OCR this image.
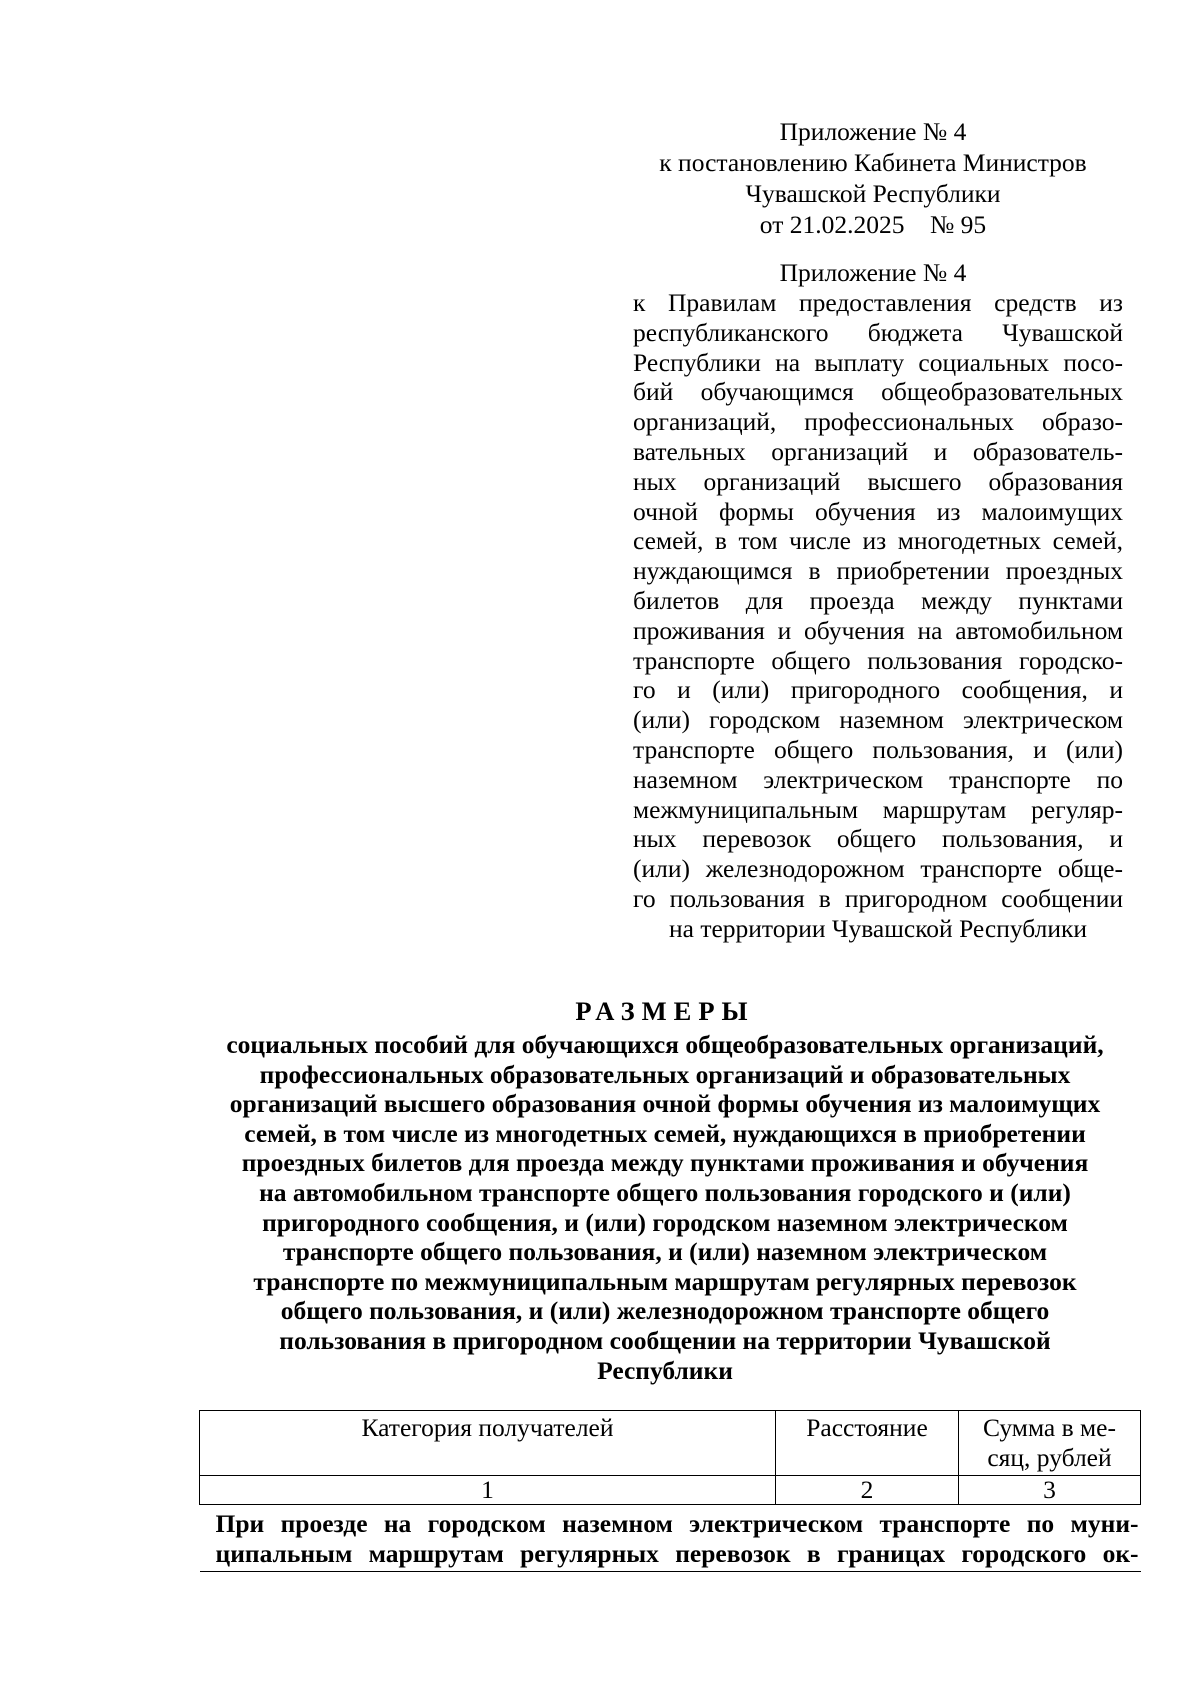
Приложение № 4
к постановлению Кабинета Министров
Чувашской Республики
от 21.02.2025    № 95
Приложение № 4
к Правилам предоставления средств из
республиканского бюджета Чувашской
Республики на выплату социальных посо-
бий обучающимся общеобразовательных
организаций, профессиональных образо-
вательных организаций и образователь-
ных организаций высшего образования
очной формы обучения из малоимущих
семей, в том числе из многодетных семей,
нуждающимся в приобретении проездных
билетов для проезда между пунктами
проживания и обучения на автомобильном
транспорте общего пользования городско-
го и (или) пригородного сообщения, и
(или) городском наземном электрическом
транспорте общего пользования, и (или)
наземном электрическом транспорте по
межмуниципальным маршрутам регуляр-
ных перевозок общего пользования, и
(или) железнодорожном транспорте обще-
го пользования в пригородном сообщении
на территории Чувашской Республики
РАЗМЕРЫ
социальных пособий для обучающихся общеобразовательных организаций,
профессиональных образовательных организаций и образовательных
организаций высшего образования очной формы обучения из малоимущих
семей, в том числе из многодетных семей, нуждающихся в приобретении
проездных билетов для проезда между пунктами проживания и обучения
на автомобильном транспорте общего пользования городского и (или)
пригородного сообщения, и (или) городском наземном электрическом
транспорте общего пользования, и (или) наземном электрическом
транспорте по межмуниципальным маршрутам регулярных перевозок
общего пользования, и (или) железнодорожном транспорте общего
пользования в пригородном сообщении на территории Чувашской
Республики
Категория получателей	Расстояние	Сумма в ме-
сяц, рублей

1	2	3

При проезде на городском наземном электрическом транспорте по муни-
ципальным маршрутам регулярных перевозок в границах городского ок-		
